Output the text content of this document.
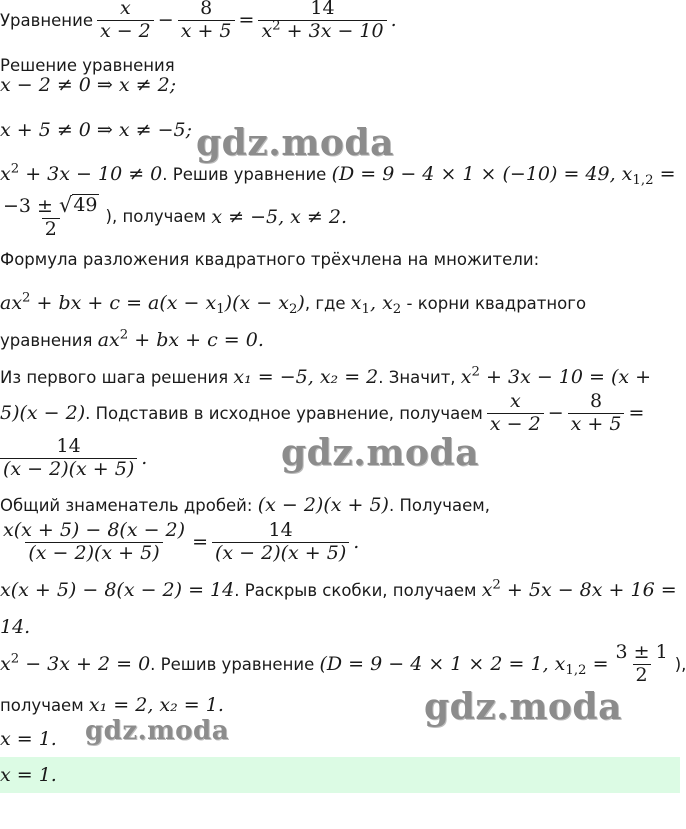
gdz.moda
gdz.moda
gdz.moda
gdz.moda
Уравнение $\frac{x}{x - 2} - \frac{8}{x + 5} = \frac{14}{x^2 + 3x - 10}$ .
Решение уравнения
x − 2 ≠ 0 ⇒ x ≠ 2;
x + 5 ≠ 0 ⇒ x ≠ −5;
$x^2 + 3x - 10 \ne 0$ . Решив уравнение
(D = 9 − 4 × 1 × (−10) = 49, $x_{1,2}$ =
$\frac{-3 \pm √ 49}{2}$ ), получаем
x ≠ −5, x ≠ 2.
Формула разложения квадратного трёхчлена на множители:
$ax^2$ + bx + $c = a(x - x_1)(x - x_2)$ , где
$x_1$, $x_2$
- корни квадратного
уравнения
$ax^2$ + bx + c = 0.
Из первого шага решения
x₁ = −5, x₂ = 2 . Значит,
$x^2 + 3x - 10 = (x$ +
5)(x − 2) . Подставив в исходное уравнение, получаем $\frac{x}{x - 2} - \frac{8}{x + 5}$ =
$\frac{14}{(x - 2)(x + 5)}$ .
Общий знаменатель дробей:
(x − 2)(x + 5) . Получаем,
$\frac{x(x + 5) - 8(x - 2)}{(x - 2)(x + 5)} = \frac{14}{(x - 2)(x + 5)}$ .
x(x + 5) − 8(x − 2) = 14 . Раскрыв скобки, получаем
$x^2 + 5x - 8x + 16$ =
14.
$x^2 - 3x + 2 = 0$ . Решив уравнение
(D = 9 − 4 × 1 × 2 = 1, $x_{1,2} = \frac{3 \pm 1}{2}$ ),
получаем
x₁ = 2, x₂ = 1.
x = 1.
x = 1.
